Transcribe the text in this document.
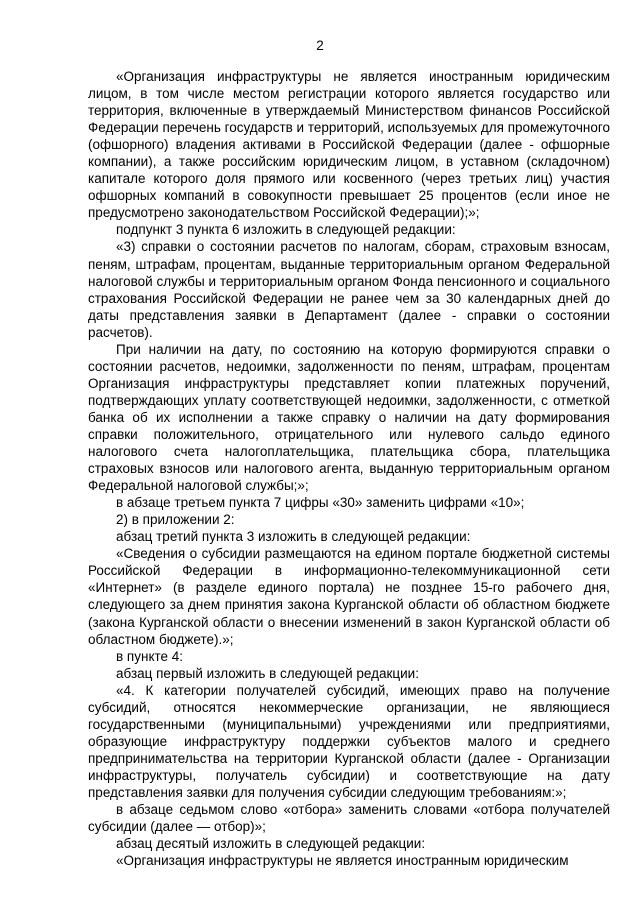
2

«Организация инфраструктуры не является иностранным юридическим лицом, в том числе местом регистрации которого является государство или территория, включенные в утверждаемый Министерством финансов Российской Федерации перечень государств и территорий, используемых для промежуточного (офшорного) владения активами в Российской Федерации (далее - офшорные компании), а также российским юридическим лицом, в уставном (складочном) капитале которого доля прямого или косвенного (через третьих лиц) участия офшорных компаний в совокупности превышает 25 процентов (если иное не предусмотрено законодательством Российской Федерации);»;

подпункт 3 пункта 6 изложить в следующей редакции:

«3) справки о состоянии расчетов по налогам, сборам, страховым взносам, пеням, штрафам, процентам, выданные территориальным органом Федеральной налоговой службы и территориальным органом Фонда пенсионного и социального страхования Российской Федерации не ранее чем за 30 календарных дней до даты представления заявки в Департамент (далее - справки о состоянии расчетов).

При наличии на дату, по состоянию на которую формируются справки о состоянии расчетов, недоимки, задолженности по пеням, штрафам, процентам Организация инфраструктуры представляет копии платежных поручений, подтверждающих уплату соответствующей недоимки, задолженности, с отметкой банка об их исполнении а также справку о наличии на дату формирования справки положительного, отрицательного или нулевого сальдо единого налогового счета налогоплательщика, плательщика сбора, плательщика страховых взносов или налогового агента, выданную территориальным органом Федеральной налоговой службы;»;

в абзаце третьем пункта 7 цифры «30» заменить цифрами «10»;

2) в приложении 2:

абзац третий пункта 3 изложить в следующей редакции:

«Сведения о субсидии размещаются на едином портале бюджетной системы Российской Федерации в информационно-телекоммуникационной сети «Интернет» (в разделе единого портала) не позднее 15-го рабочего дня, следующего за днем принятия закона Курганской области об областном бюджете (закона Курганской области о внесении изменений в закон Курганской области об областном бюджете).»;

в пункте 4:

абзац первый изложить в следующей редакции:

«4. К категории получателей субсидий, имеющих право на получение субсидий, относятся некоммерческие организации, не являющиеся государственными (муниципальными) учреждениями или предприятиями, образующие инфраструктуру поддержки субъектов малого и среднего предпринимательства на территории Курганской области (далее - Организации инфраструктуры, получатель субсидии) и соответствующие на дату представления заявки для получения субсидии следующим требованиям:»;

в абзаце седьмом слово «отбора» заменить словами «отбора получателей субсидии (далее — отбор)»;

абзац десятый изложить в следующей редакции:

«Организация инфраструктуры не является иностранным юридическим
